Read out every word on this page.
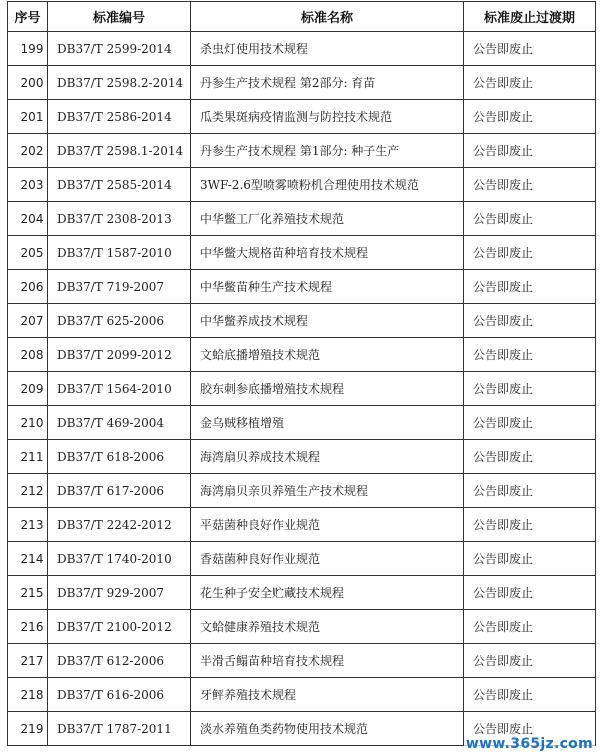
序号	标准编号	标准名称	标准废止过渡期
199	DB37/T 2599-2014	杀虫灯使用技术规程	公告即废止
200	DB37/T 2598.2-2014	丹参生产技术规程 第2部分: 育苗	公告即废止
201	DB37/T 2586-2014	瓜类果斑病疫情监测与防控技术规范	公告即废止
202	DB37/T 2598.1-2014	丹参生产技术规程 第1部分: 种子生产	公告即废止
203	DB37/T 2585-2014	3WF-2.6型喷雾喷粉机合理使用技术规范	公告即废止
204	DB37/T 2308-2013	中华鳖工厂化养殖技术规范	公告即废止
205	DB37/T 1587-2010	中华鳖大规格苗种培育技术规程	公告即废止
206	DB37/T 719-2007	中华鳖苗种生产技术规程	公告即废止
207	DB37/T 625-2006	中华鳖养成技术规程	公告即废止
208	DB37/T 2099-2012	文蛤底播增殖技术规范	公告即废止
209	DB37/T 1564-2010	胶东刺参底播增殖技术规程	公告即废止
210	DB37/T 469-2004	金乌贼移植增殖	公告即废止
211	DB37/T 618-2006	海湾扇贝养成技术规程	公告即废止
212	DB37/T 617-2006	海湾扇贝亲贝养殖生产技术规程	公告即废止
213	DB37/T 2242-2012	平菇菌种良好作业规范	公告即废止
214	DB37/T 1740-2010	香菇菌种良好作业规范	公告即废止
215	DB37/T 929-2007	花生种子安全贮藏技术规程	公告即废止
216	DB37/T 2100-2012	文蛤健康养殖技术规范	公告即废止
217	DB37/T 612-2006	半滑舌鳎苗种培育技术规程	公告即废止
218	DB37/T 616-2006	牙鲆养殖技术规程	公告即废止
219	DB37/T 1787-2011	淡水养殖鱼类药物使用技术规范	公告即废止
www.365jz.com
